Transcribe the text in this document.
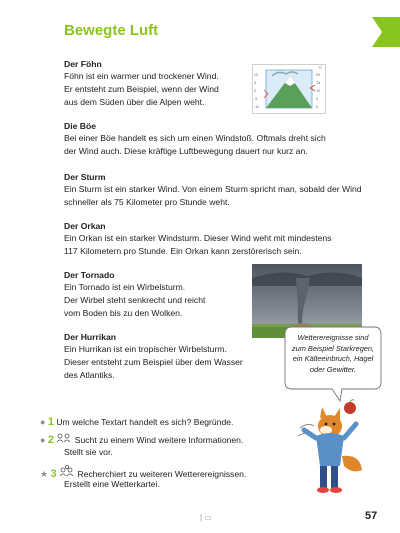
Bewegte Luft
Der Föhn
Föhn ist ein warmer und trockener Wind.
Er entsteht zum Beispiel, wenn der Wind
aus dem Süden über die Alpen weht.
°C
10
5
0
-5
-10
20
15
10
5
0
Die Böe
Bei einer Böe handelt es sich um einen Windstoß. Oftmals dreht sich
der Wind auch. Diese kräftige Luftbewegung dauert nur kurz an.
Der Sturm
Ein Sturm ist ein starker Wind. Von einem Sturm spricht man, sobald der Wind
schneller als 75 Kilometer pro Stunde weht.
Der Orkan
Ein Orkan ist ein starker Windsturm. Dieser Wind weht mit mindestens
117 Kilometern pro Stunde. Ein Orkan kann zerstörerisch sein.
Der Tornado
Ein Tornado ist ein Wirbelsturm.
Der Wirbel steht senkrecht und reicht
vom Boden bis zu den Wolken.
Der Hurrikan
Ein Hurrikan ist ein tropischer Wirbelsturm.
Dieser entsteht zum Beispiel über dem Wasser
des Atlantiks.
Wetterereignisse sind
zum Beispiel Starkregen,
ein Kälteeinbruch, Hagel
oder Gewitter.
● 1 Um welche Textart handelt es sich? Begründe.
● 2 Sucht zu einem Wind weitere Informationen.
Stellt sie vor.
★ 3 Recherchiert zu weiteren Wetterereignissen.
Erstellt eine Wetterkartei.
| ▭	57
